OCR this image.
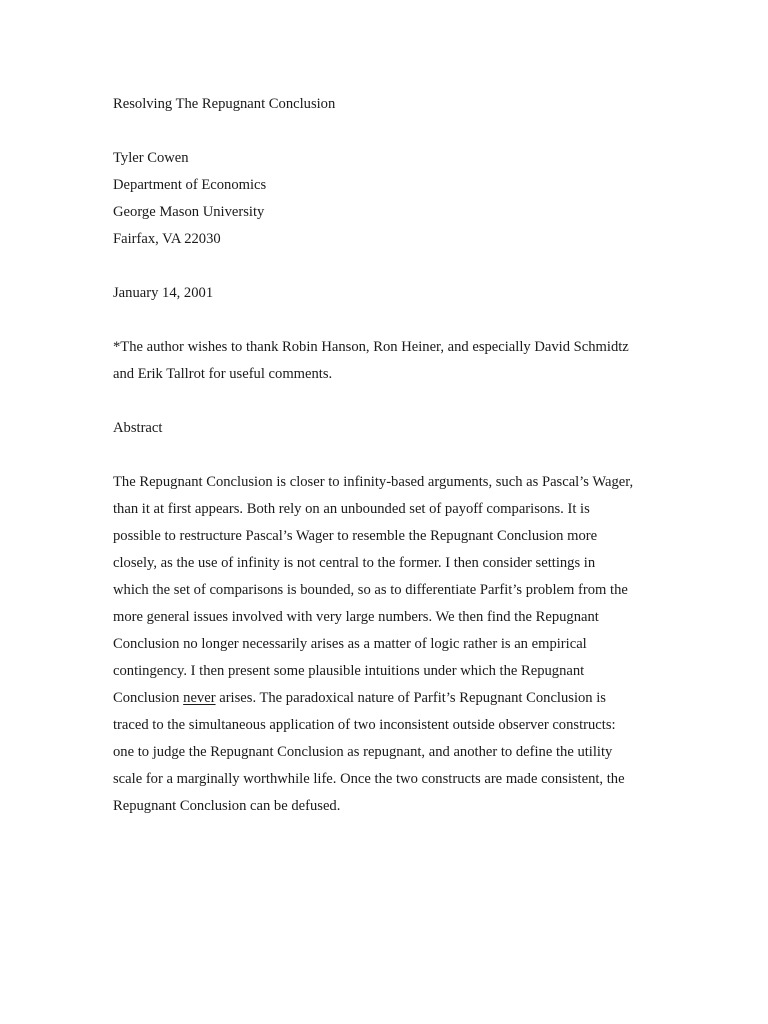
Resolving The Repugnant Conclusion
Tyler Cowen
Department of Economics
George Mason University
Fairfax, VA 22030
January 14, 2001
*The author wishes to thank Robin Hanson, Ron Heiner, and especially David Schmidtz
and Erik Tallrot for useful comments.
Abstract
The Repugnant Conclusion is closer to infinity-based arguments, such as Pascal’s Wager,
than it at first appears. Both rely on an unbounded set of payoff comparisons. It is
possible to restructure Pascal’s Wager to resemble the Repugnant Conclusion more
closely, as the use of infinity is not central to the former. I then consider settings in
which the set of comparisons is bounded, so as to differentiate Parfit’s problem from the
more general issues involved with very large numbers. We then find the Repugnant
Conclusion no longer necessarily arises as a matter of logic rather is an empirical
contingency. I then present some plausible intuitions under which the Repugnant
Conclusion never arises. The paradoxical nature of Parfit’s Repugnant Conclusion is
traced to the simultaneous application of two inconsistent outside observer constructs:
one to judge the Repugnant Conclusion as repugnant, and another to define the utility
scale for a marginally worthwhile life. Once the two constructs are made consistent, the
Repugnant Conclusion can be defused.
